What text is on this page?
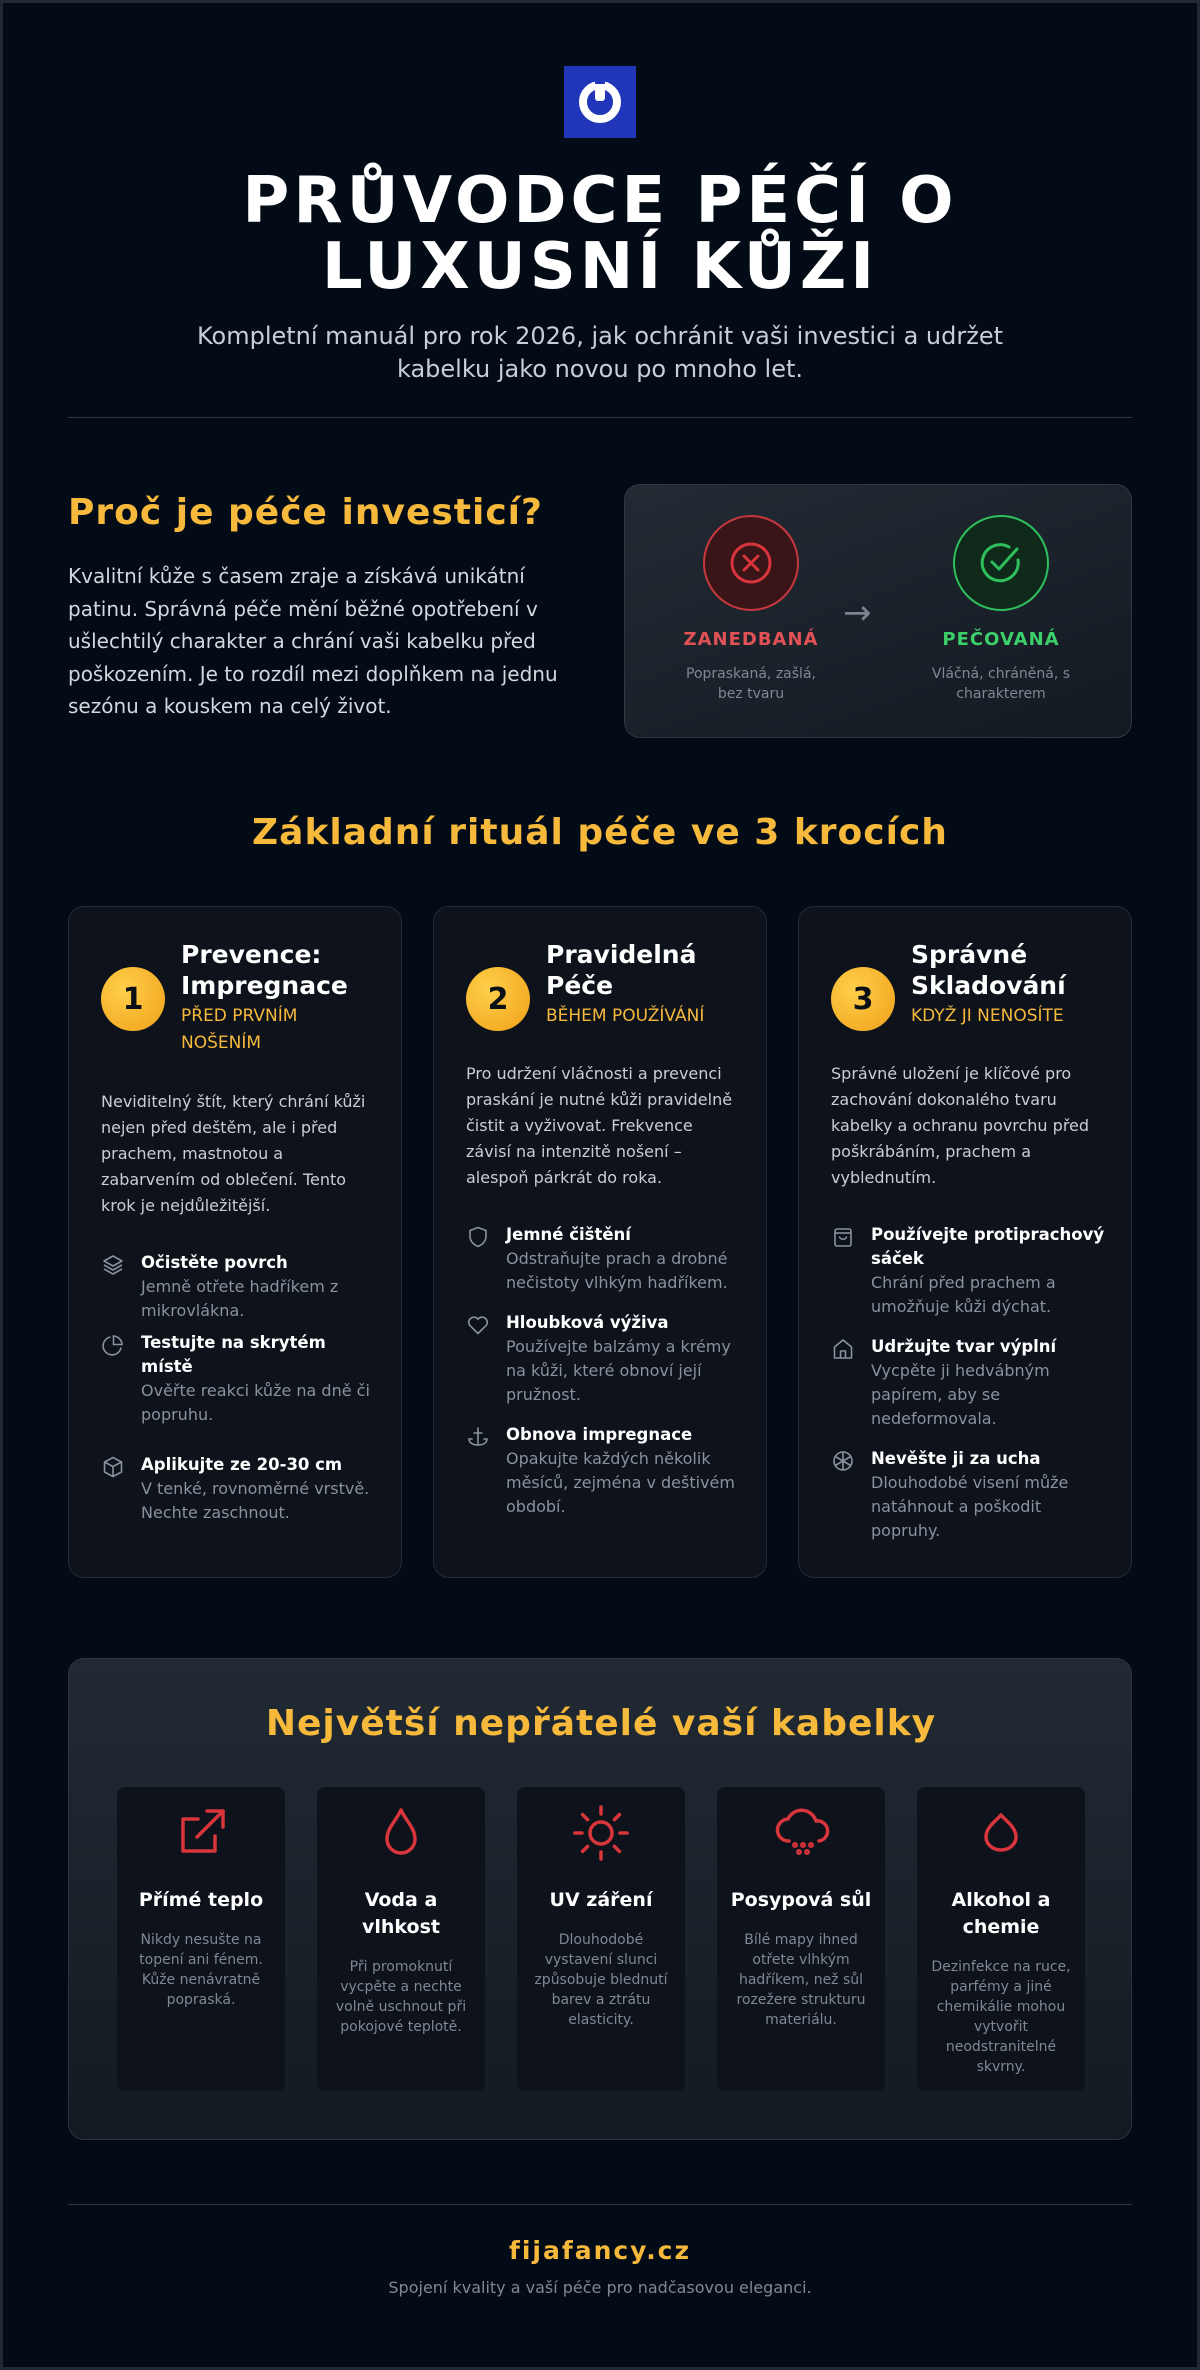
PRŮVODCE PÉČÍ O LUXUSNÍ KŮŽI

Kompletní manuál pro rok 2026, jak ochránit vaši investici a udržet kabelku jako novou po mnoho let.

Proč je péče investicí?

Kvalitní kůže s časem zraje a získává unikátní patinu. Správná péče mění běžné opotřebení v ušlechtilý charakter a chrání vaši kabelku před poškozením. Je to rozdíl mezi doplňkem na jednu sezónu a kouskem na celý život.

ZANEDBANÁ
Popraskaná, zašlá, bez tvaru
→
PEČOVANÁ
Vláčná, chráněná, s charakterem
Základní rituál péče ve 3 krocích
1
Prevence: Impregnace
PŘED PRVNÍM NOŠENÍM
Neviditelný štít, který chrání kůži nejen před deštěm, ale i před prachem, mastnotou a zabarvením od oblečení. Tento krok je nejdůležitější.
Očistěte povrch
Jemně otřete hadříkem z mikrovlákna.
Testujte na skrytém místě
Ověřte reakci kůže na dně či popruhu.
Aplikujte ze 20-30 cm
V tenké, rovnoměrné vrstvě. Nechte zaschnout.
2
Pravidelná Péče
BĚHEM POUŽÍVÁNÍ
Pro udržení vláčnosti a prevenci praskání je nutné kůži pravidelně čistit a vyživovat. Frekvence závisí na intenzitě nošení – alespoň párkrát do roka.
Jemné čištění
Odstraňujte prach a drobné nečistoty vlhkým hadříkem.
Hloubková výživa
Používejte balzámy a krémy na kůži, které obnoví její pružnost.
Obnova impregnace
Opakujte každých několik měsíců, zejména v deštivém období.
3
Správné Skladování
KDYŽ JI NENOSÍTE
Správné uložení je klíčové pro zachování dokonalého tvaru kabelky a ochranu povrchu před poškrábáním, prachem a vyblednutím.
Používejte protiprachový sáček
Chrání před prachem a umožňuje kůži dýchat.
Udržujte tvar výplní
Vycpěte ji hedvábným papírem, aby se nedeformovala.
Nevěšte ji za ucha
Dlouhodobé visení může natáhnout a poškodit popruhy.
Největší nepřátelé vaší kabelky
Přímé teplo
Nikdy nesušte na topení ani fénem. Kůže nenávratně popraská.
Voda a vlhkost
Při promoknutí vycpěte a nechte volně uschnout při pokojové teplotě.
UV záření
Dlouhodobé vystavení slunci způsobuje blednutí barev a ztrátu elasticity.
Posypová sůl
Bílé mapy ihned otřete vlhkým hadříkem, než sůl rozežere strukturu materiálu.
Alkohol a chemie
Dezinfekce na ruce, parfémy a jiné chemikálie mohou vytvořit neodstranitelné skvrny.
fijafancy.cz
Spojení kvality a vaší péče pro nadčasovou eleganci.
